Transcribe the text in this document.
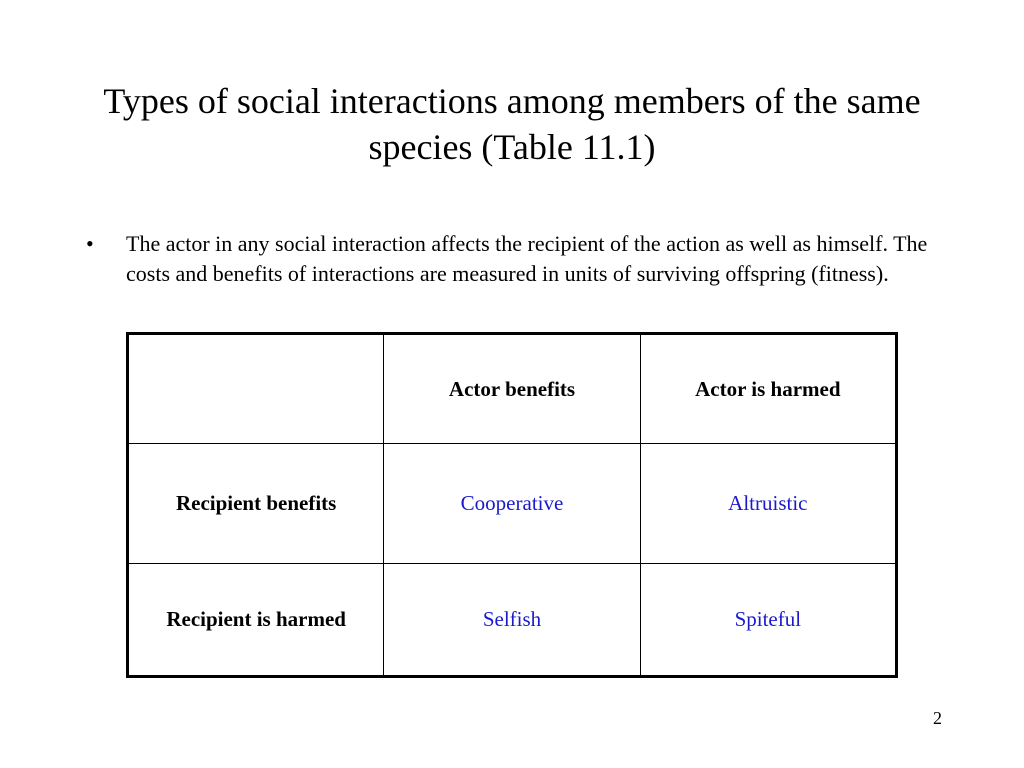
Types of social interactions among members of the same species (Table 11.1)
•	The actor in any social interaction affects the recipient of the action as well as himself. The costs and benefits of interactions are measured in units of surviving offspring (fitness).
	Actor benefits	Actor is harmed
Recipient benefits	Cooperative	Altruistic
Recipient is harmed	Selfish	Spiteful
2
